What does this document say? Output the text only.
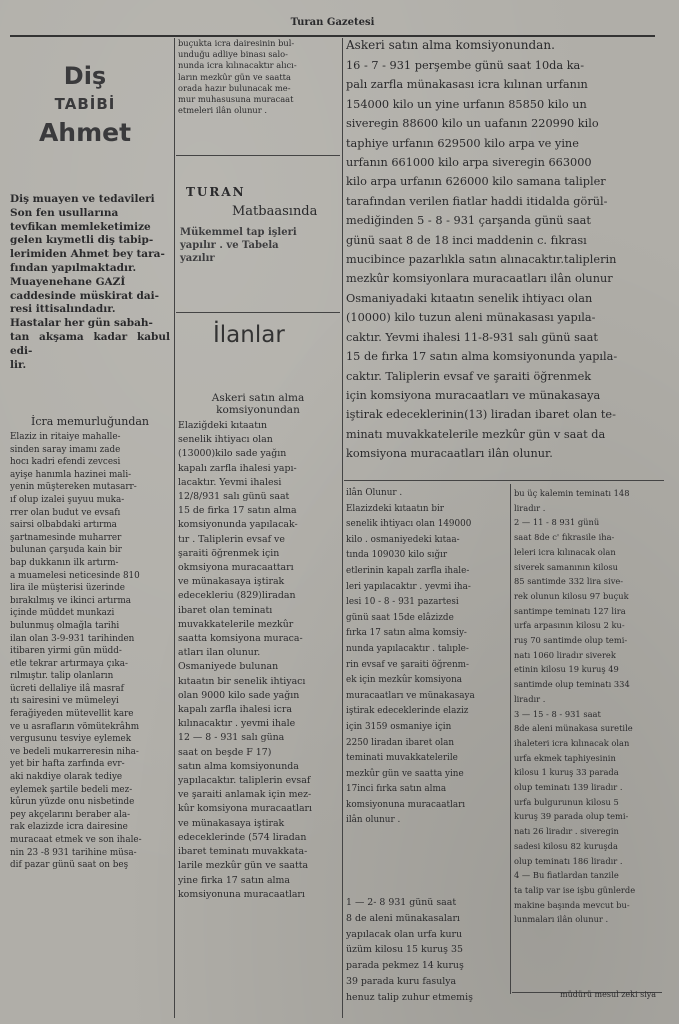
Turan Gazetesi
Diş
TABİBİ
Ahmet

Diş muayen ve tedavileri
Son fen usullarına
tevfikan memleketimize
gelen kıymetli diş tabip-
lerimiden Ahmet bey tara-
fından yapılmaktadır.
Muayenehane GAZİ
caddesinde müskirat dai-
resi ittisalındadır.
Hastalar her gün sabah-
tan akşama kadar kabul edi-
lir.

İcra memurluğundan

Elaziz in ritaiye mahalle-
sinden saray imamı zade
hocı kadri efendi zevcesi
ayişe hanımla hazinei mali-
yenin müştereken mutasarr-
ıf olup izalei şuyuu muka-
rrer olan budut ve evsafı
sairsi olbabdaki artırma
şartnamesinde muharrer
bulunan çarşuda kain bir
bap dukkanın ilk artırm-
a muamelesi neticesinde 810
lira ile müşterisi üzerinde
bırakılmış ve ikinci artırma
içinde müddet munkazi
bulunmuş olmağla tarihi
ilan olan 3-9-931 tarihinden
itibaren yirmi gün müdd-
etle tekrar artırmaya çıka-
rılmıştır. talip olanların
ücreti dellaliye ilâ masraf
ıtı sairesini ve mümeleyi
ferağiyeden mütevellit kare
ve u asrafların vömütekrâhm
vergusunu tesviye eylemek
ve bedeli mukarreresin niha-
yet bir hafta zarfında evr-
aki nakdiye olarak tediye
eylemek şartile bedeli mez-
kûrun yüzde onu nisbetinde
pey akçelarını beraber ala-
rak elazizde icra dairesine
muracaat etmek ve son ihale-
nin 23 -8 931 tarihine müsa-
dif pazar günü saat on beş

buçukta icra dairesinin bul-
unduğu adliye binası salo-
nunda icra kılınacaktır alıcı-
ların mezkûr gün ve saatta
orada hazır bulunacak me-
mur muhasusuna muracaat
etmeleri ilân olunur .

TURAN
Matbaasında
Mükemmel tap işleri
yapılır . ve Tabela
yazılır
İlanlar

Askeri satın alma
komsiyonundan

Elaziğdeki kıtaatın
senelik ihtiyacı olan
(13000)kilo sade yağın
kapalı zarfla ihalesi yapı-
lacaktır. Yevmi ihalesi
12/8/931 salı günü saat
15 de firka 17 satın alma
komsiyonunda yapılacak-
tır . Taliplerin evsaf ve
şaraiti öğrenmek için
okmsiyona muracaattarı
ve münakasaya iştirak
edecekleriu (829)liradan
ibaret olan teminatı
muvakkatelerile mezkûr
saatta komsiyona muraca-
atları ilan olunur.
Osmaniyede bulunan
kıtaatın bir senelik ihtiyacı
olan 9000 kilo sade yağın
kapalı zarfla ihalesi icra
kılınacaktır . yevmi ihale
12 — 8 - 931 salı güna
saat on beşde F 17)
satın alma komsiyonunda
yapılacaktır. taliplerin evsaf
ve şaraiti anlamak için mez-
kûr komsiyona muracaatları
ve münakasaya iştirak
edeceklerinde (574 liradan
ibaret teminatı muvakkata-
larile mezkûr gün ve saatta
yine firka 17 satın alma
komsiyonuna muracaatları

Askeri satın alma komsiyonundan.

16 - 7 - 931 perşembe günü saat 10da ka-
palı zarfla münakasası icra kılınan urfanın
154000 kilo un yine urfanın 85850 kilo un
siveregin 88600 kilo un uafanın 220990 kilo
taphiye urfanın 629500 kilo arpa ve yine
urfanın 661000 kilo arpa siveregin 663000
kilo arpa urfanın 626000 kilo samana talipler
tarafından verilen fiatlar haddi itidalda görül-
mediğinden 5 - 8 - 931 çarşanda günü saat
günü saat 8 de 18 inci maddenin c. fıkrası
mucibince pazarlıkla satın alınacaktır.taliplerin
mezkûr komsiyonlara muracaatları ilân olunur
Osmaniyadaki kıtaatın senelik ihtiyacı olan
(10000) kilo tuzun aleni münakasası yapıla-
caktır. Yevmi ihalesi 11-8-931 salı günü saat
15 de fırka 17 satın alma komsiyonunda yapıla-
caktır. Taliplerin evsaf ve şaraiti öğrenmek
için komsiyona muracaatları ve münakasaya
iştirak edeceklerinin(13) liradan ibaret olan te-
minatı muvakkatelerile mezkûr gün v saat da
komsiyona muracaatları ilân olunur.

ilân Olunur .
Elazizdeki kıtaatın bir
senelik ihtiyacı olan 149000
kilo . osmaniyedeki kıtaa-
tında 109030 kilo sığır
etlerinin kapalı zarfla ihale-
leri yapılacaktır . yevmi iha-
lesi 10 - 8 - 931 pazartesi
günü saat 15de elâzizde
fırka 17 satın alma komsiy-
nunda yapılacaktır . talıple-
rin evsaf ve şaraiti öğrenm-
ek için mezkûr komsiyona
muracaatları ve münakasaya
iştirak edeceklerinde elaziz
için 3159 osmaniye için
2250 liradan ibaret olan
teminati muvakkatelerile
mezkûr gün ve saatta yine
17inci fırka satın alma
komsiyonuna muracaatları
ilân olunur .

1 — 2- 8 931 günü saat
8 de aleni münakasaları
yapılacak olan urfa kuru
üzüm kilosu 15 kuruş 35
parada pekmez 14 kuruş
39 parada kuru fasulya
henuz talip zuhur etmemiş

bu üç kalemin teminatı 148
liradır .
2 — 11 - 8 931 günü
saat 8de c' fıkrasile iha-
leleri icra kılınacak olan
siverek samanının kilosu
85 santimde 332 lira sive-
rek olunun kilosu 97 buçuk
santimpe teminatı 127 lira
urfa arpasının kilosu 2 ku-
ruş 70 santimde olup temi-
natı 1060 liradır siverek
etinin kilosu 19 kuruş 49
santimde olup teminatı 334
liradır .
3 — 15 - 8 - 931 saat
8de aleni münakasa suretile
ihaleteri icra kılınacak olan
urfa ekmek taphiyesinin
kilosu 1 kuruş 33 parada
olup teminatı 139 liradır .
urfa bulgurunun kilosu 5
kuruş 39 parada olup temi-
natı 26 liradır . siveregin
sadesi kilosu 82 kuruşda
olup teminatı 186 liradır .
4 — Bu fiatlardan tanzile
ta talip var ise işbu günlerde
makine başında mevcut bu-
lunmaları ilân olunur .

müdürü mesul zeki siya
